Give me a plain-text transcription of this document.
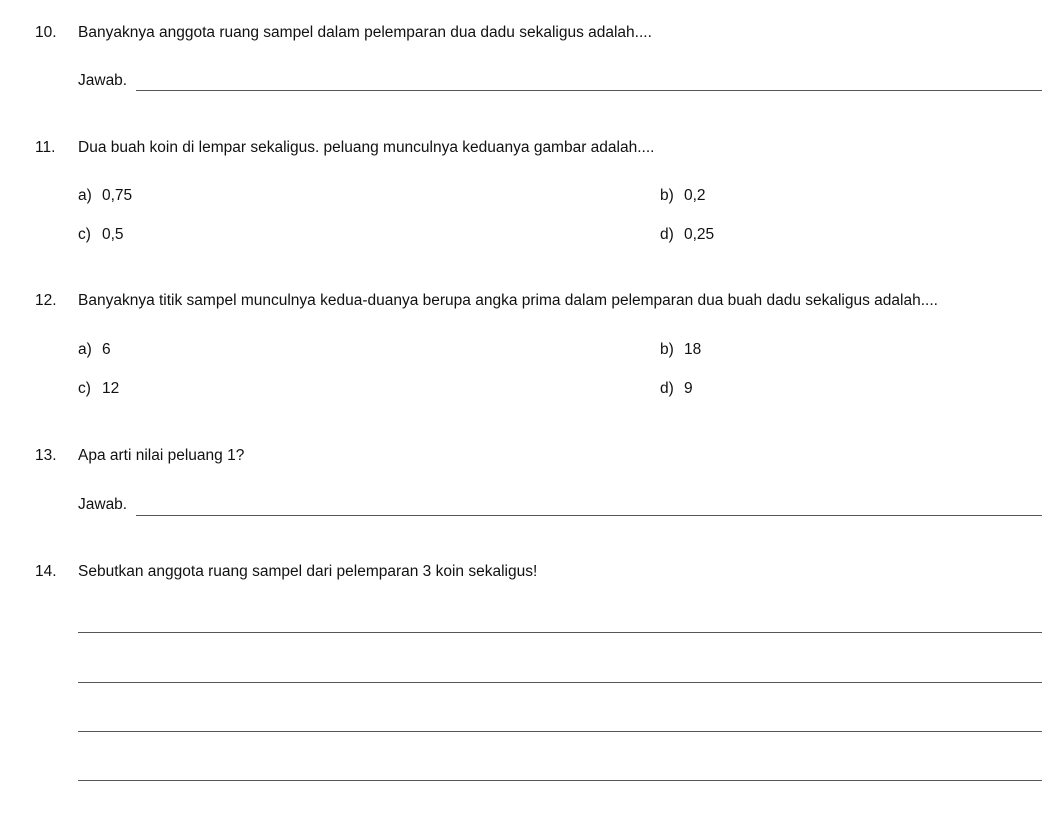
10. Banyaknya anggota ruang sampel dalam pelemparan dua dadu sekaligus adalah....
Jawab.
11. Dua buah koin di lempar sekaligus. peluang munculnya keduanya gambar adalah....
a) 0,75	b) 0,2
c) 0,5	d) 0,25
12. Banyaknya titik sampel munculnya kedua-duanya berupa angka prima dalam pelemparan dua buah dadu sekaligus adalah....
a) 6	b) 18
c) 12	d) 9
13. Apa arti nilai peluang 1?
Jawab.
14. Sebutkan anggota ruang sampel dari pelemparan 3 koin sekaligus!
